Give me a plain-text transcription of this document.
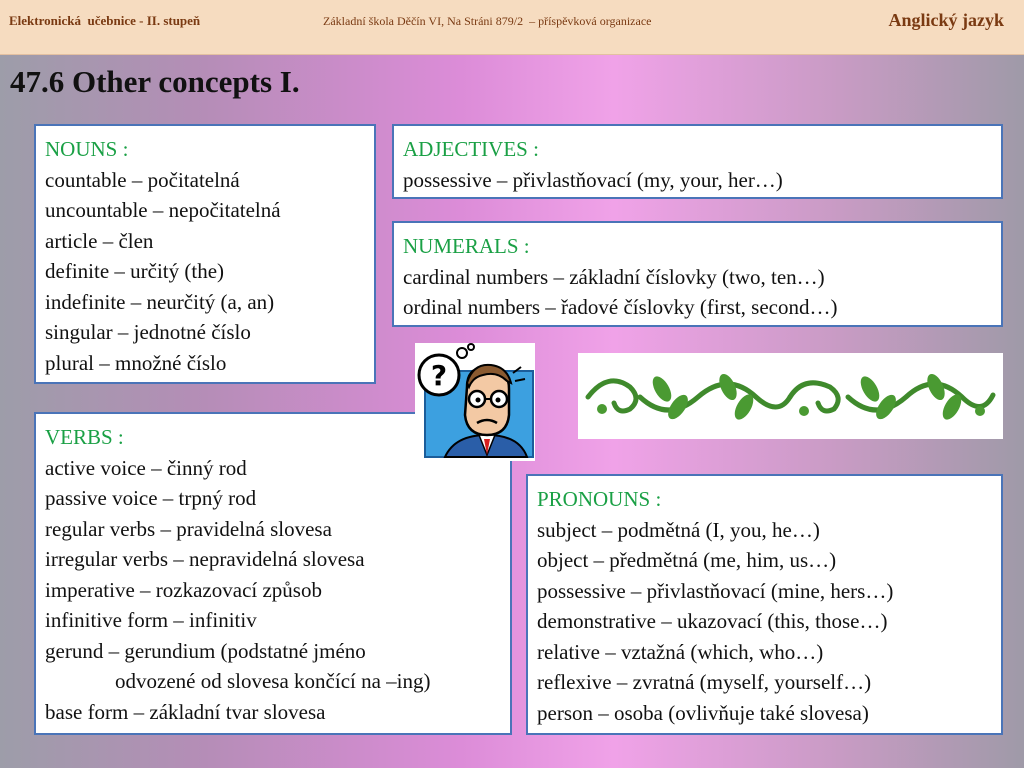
Elektronická  učebnice - II. stupeň	Základní škola Děčín VI, Na Stráni 879/2  – příspěvková organizace	Anglický jazyk
47.6 Other concepts I.
NOUNS :
countable – počitatelná
uncountable – nepočitatelná
article – člen
definite – určitý (the)
indefinite – neurčitý (a, an)
singular – jednotné číslo
plural – množné číslo
ADJECTIVES :
possessive – přivlastňovací (my, your, her…)
NUMERALS :
cardinal numbers – základní číslovky (two, ten…)
ordinal numbers – řadové číslovky (first, second…)
VERBS :
active voice – činný rod
passive voice – trpný rod
regular verbs – pravidelná slovesa
irregular verbs – nepravidelná slovesa
imperative – rozkazovací způsob
infinitive form – infinitiv
gerund – gerundium (podstatné jméno
odvozené od slovesa končící na –ing)
base form – základní tvar slovesa
PRONOUNS :
subject – podmětná (I, you, he…)
object – předmětná (me, him, us…)
possessive – přivlastňovací (mine, hers…)
demonstrative – ukazovací (this, those…)
relative – vztažná (which, who…)
reflexive – zvratná (myself, yourself…)
person – osoba (ovlivňuje také slovesa)
?
